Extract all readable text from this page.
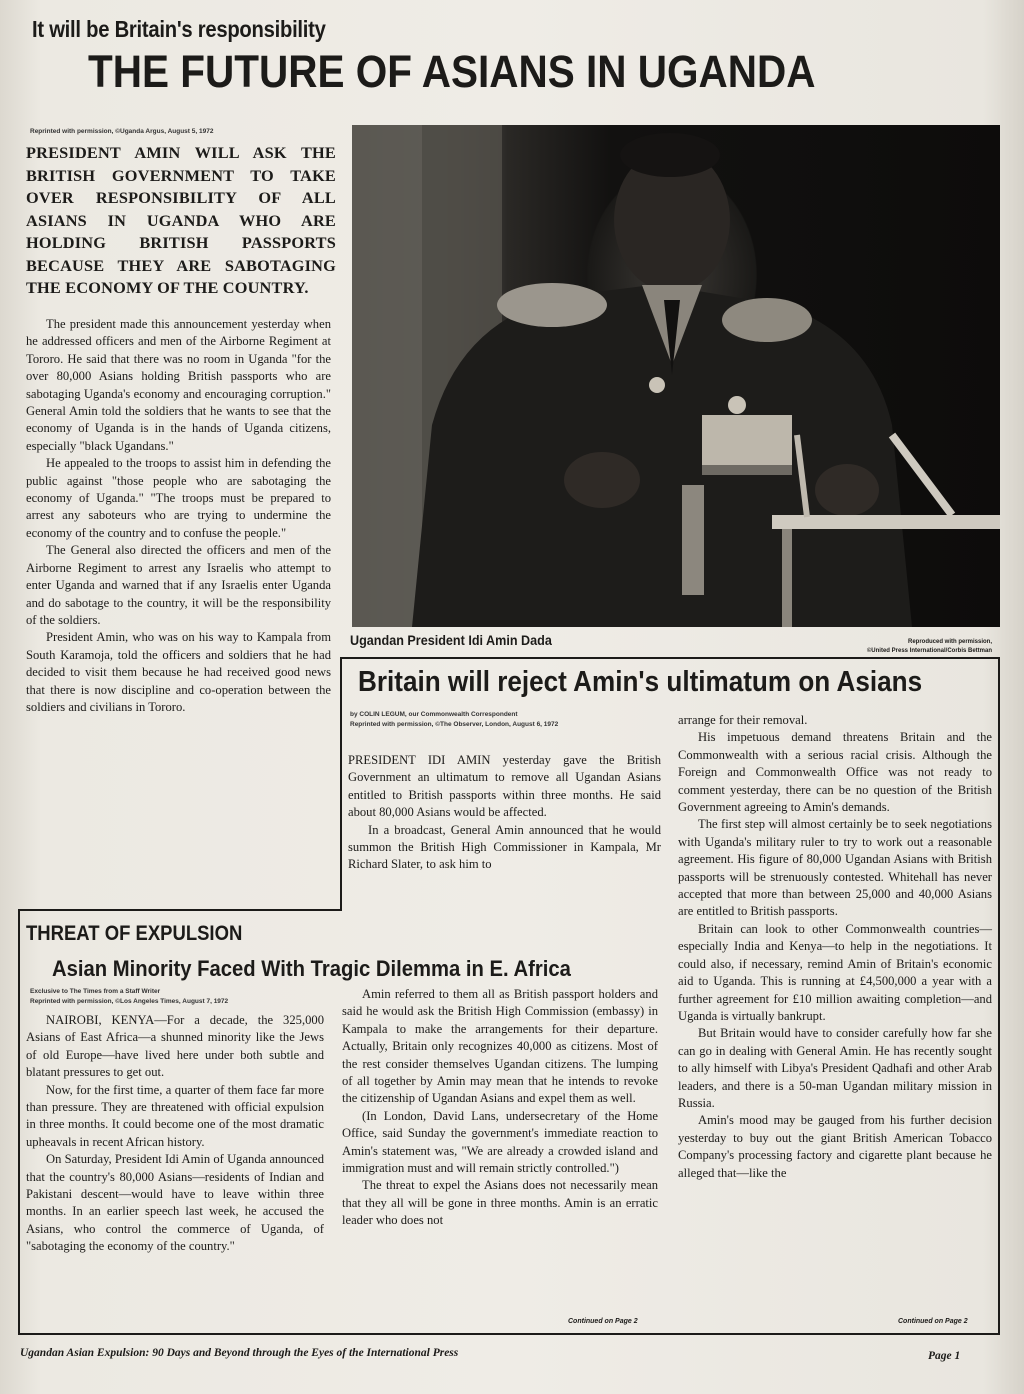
It will be Britain's responsibility
THE FUTURE OF ASIANS IN UGANDA
Reprinted with permission, ©Uganda Argus, August 5, 1972
PRESIDENT AMIN WILL ASK THE BRITISH GOVERNMENT TO TAKE OVER RESPONSIBILITY OF ALL ASIANS IN UGANDA WHO ARE HOLDING BRITISH PASSPORTS BECAUSE THEY ARE SABOTAGING THE ECONOMY OF THE COUNTRY.

The president made this announcement yesterday when he addressed officers and men of the Airborne Regiment at Tororo. He said that there was no room in Uganda "for the over 80,000 Asians holding British passports who are sabotaging Uganda's economy and encouraging corruption." General Amin told the soldiers that he wants to see that the economy of Uganda is in the hands of Uganda citizens, especially "black Ugandans."

He appealed to the troops to assist him in defending the public against "those people who are sabotaging the economy of Uganda." "The troops must be prepared to arrest any saboteurs who are trying to undermine the economy of the country and to confuse the people."

The General also directed the officers and men of the Airborne Regiment to arrest any Israelis who attempt to enter Uganda and warned that if any Israelis enter Uganda and do sabotage to the country, it will be the responsibility of the soldiers.

President Amin, who was on his way to Kampala from South Karamoja, told the officers and soldiers that he had decided to visit them because he had received good news that there is now discipline and co-operation between the soldiers and civilians in Tororo.

Ugandan President Idi Amin Dada	Reproduced with permission,
©United Press International/Corbis Bettman
Britain will reject Amin's ultimatum on Asians
by COLIN LEGUM, our Commonwealth Correspondent
Reprinted with permission, ©The Observer, London, August 6, 1972

PRESIDENT IDI AMIN yesterday gave the British Government an ultimatum to remove all Ugandan Asians entitled to British passports within three months. He said about 80,000 Asians would be affected.

In a broadcast, General Amin announced that he would summon the British High Commissioner in Kampala, Mr Richard Slater, to ask him to

arrange for their removal.

His impetuous demand threatens Britain and the Commonwealth with a serious racial crisis. Although the Foreign and Commonwealth Office was not ready to comment yesterday, there can be no question of the British Government agreeing to Amin's demands.

The first step will almost certainly be to seek negotiations with Uganda's military ruler to try to work out a reasonable agreement. His figure of 80,000 Ugandan Asians with British passports will be strenuously contested. Whitehall has never accepted that more than between 25,000 and 40,000 Asians are entitled to British passports.

Britain can look to other Commonwealth countries—especially India and Kenya—to help in the negotiations. It could also, if necessary, remind Amin of Britain's economic aid to Uganda. This is running at £4,500,000 a year with a further agreement for £10 million awaiting completion—and Uganda is virtually bankrupt.

But Britain would have to consider carefully how far she can go in dealing with General Amin. He has recently sought to ally himself with Libya's President Qadhafi and other Arab leaders, and there is a 50-man Ugandan military mission in Russia.

Amin's mood may be gauged from his further decision yesterday to buy out the giant British American Tobacco Company's processing factory and cigarette plant because he alleged that—like the

Continued on Page 2
THREAT OF EXPULSION
Asian Minority Faced With Tragic Dilemma in E. Africa
Exclusive to The Times from a Staff Writer
Reprinted with permission, ©Los Angeles Times, August 7, 1972

NAIROBI, KENYA—For a decade, the 325,000 Asians of East Africa—a shunned minority like the Jews of old Europe—have lived here under both subtle and blatant pressures to get out.

Now, for the first time, a quarter of them face far more than pressure. They are threatened with official expulsion in three months. It could become one of the most dramatic upheavals in recent African history.

On Saturday, President Idi Amin of Uganda announced that the country's 80,000 Asians—residents of Indian and Pakistani descent—would have to leave within three months. In an earlier speech last week, he accused the Asians, who control the commerce of Uganda, of "sabotaging the economy of the country."

Amin referred to them all as British passport holders and said he would ask the British High Commission (embassy) in Kampala to make the arrangements for their departure. Actually, Britain only recognizes 40,000 as citizens. Most of the rest consider themselves Ugandan citizens. The lumping of all together by Amin may mean that he intends to revoke the citizenship of Ugandan Asians and expel them as well.

(In London, David Lans, undersecretary of the Home Office, said Sunday the government's immediate reaction to Amin's statement was, "We are already a crowded island and immigration must and will remain strictly controlled.")

The threat to expel the Asians does not necessarily mean that they all will be gone in three months. Amin is an erratic leader who does not

Continued on Page 2
Ugandan Asian Expulsion: 90 Days and Beyond through the Eyes of the International Press	Page 1
